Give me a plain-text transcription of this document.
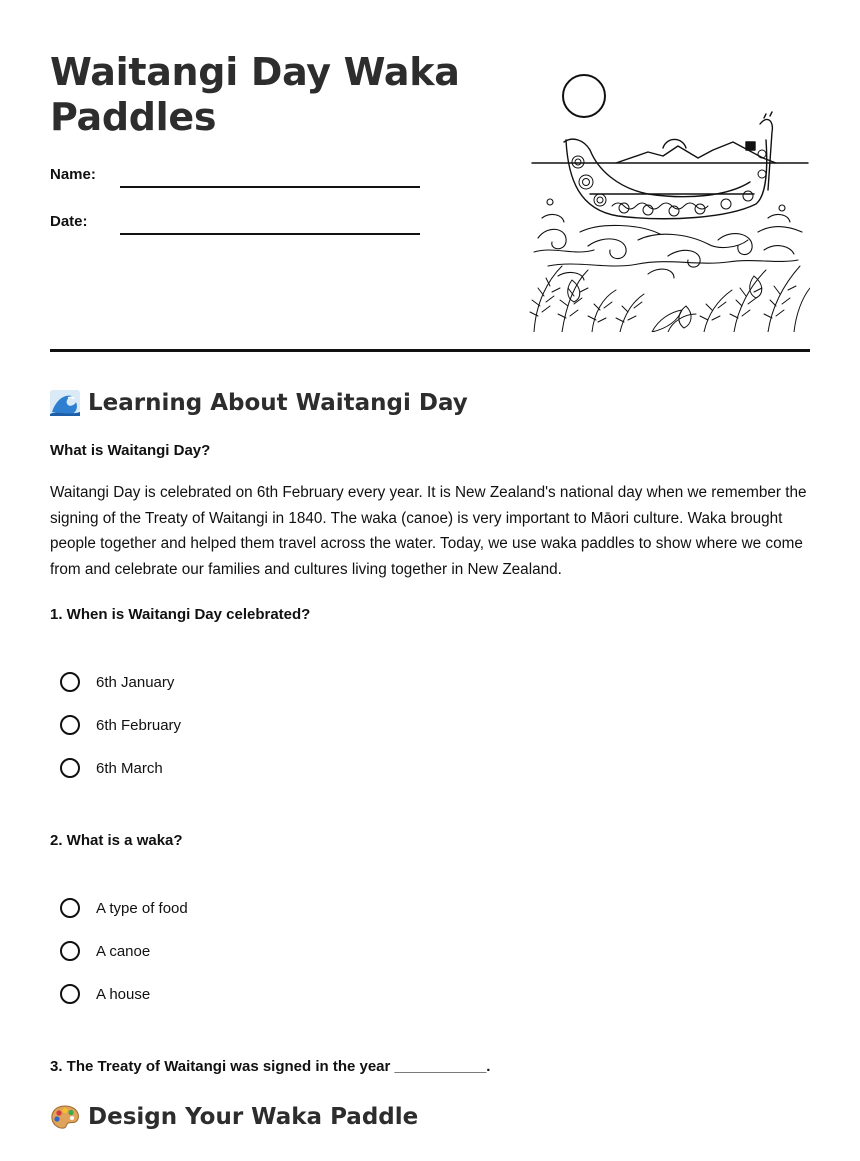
Waitangi Day Waka Paddles
Name:
Date:
Learning About Waitangi Day
What is Waitangi Day?

Waitangi Day is celebrated on 6th February every year. It is New Zealand's national day when we remember the signing of the Treaty of Waitangi in 1840. The waka (canoe) is very important to Māori culture. Waka brought people together and helped them travel across the water. Today, we use waka paddles to show where we come from and celebrate our families and cultures living together in New Zealand.

1. When is Waitangi Day celebrated?
6th January
6th February
6th March
2. What is a waka?
A type of food
A canoe
A house
3. The Treaty of Waitangi was signed in the year ___________.
Design Your Waka Paddle
